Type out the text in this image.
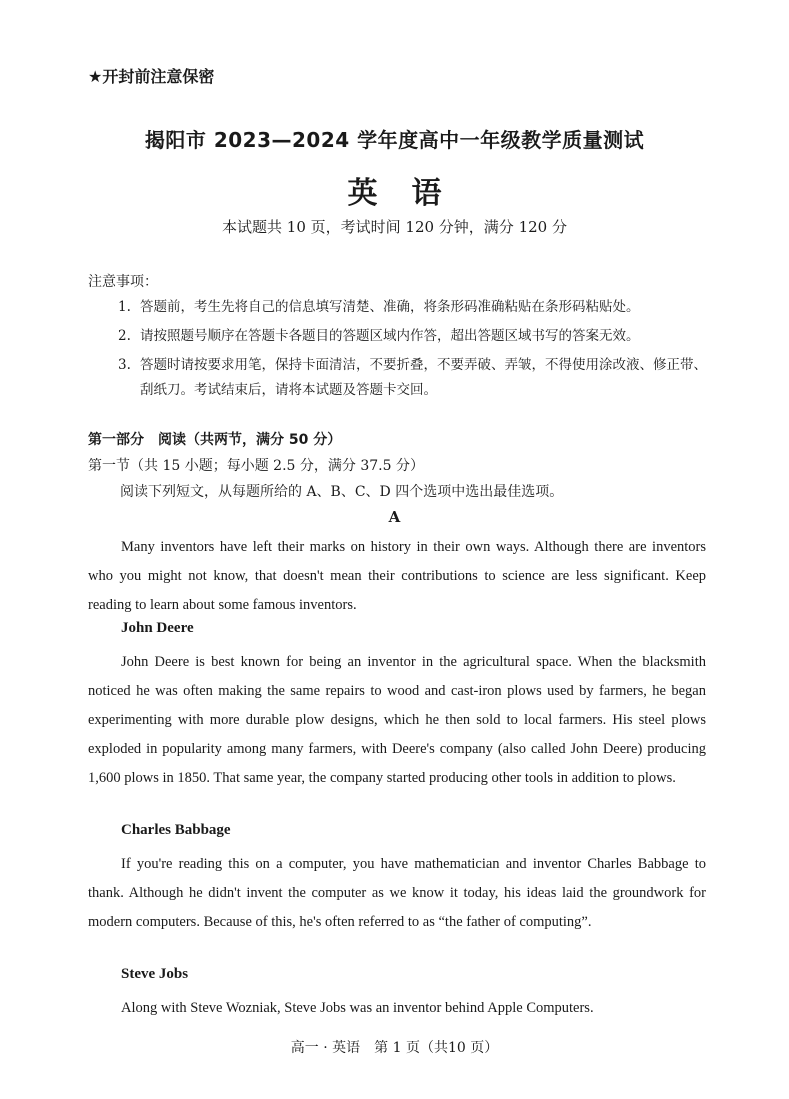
★开封前注意保密
揭阳市 2023—2024 学年度高中一年级教学质量测试
英语
本试题共 10 页，考试时间 120 分钟，满分 120 分
注意事项：
1. 答题前，考生先将自己的信息填写清楚、准确，将条形码准确粘贴在条形码粘贴处。
2. 请按照题号顺序在答题卡各题目的答题区域内作答，超出答题区域书写的答案无效。
3. 答题时请按要求用笔，保持卡面清洁，不要折叠，不要弄破、弄皱，不得使用涂改液、修正带、刮纸刀。考试结束后，请将本试题及答题卡交回。
第一部分　阅读（共两节，满分 50 分）
第一节（共 15 小题；每小题 2.5 分，满分 37.5 分）
阅读下列短文，从每题所给的 A、B、C、D 四个选项中选出最佳选项。
A

Many inventors have left their marks on history in their own ways. Although there are inventors who you might not know, that doesn't mean their contributions to science are less significant. Keep reading to learn about some famous inventors.

John Deere

John Deere is best known for being an inventor in the agricultural space. When the blacksmith noticed he was often making the same repairs to wood and cast-iron plows used by farmers, he began experimenting with more durable plow designs, which he then sold to local farmers. His steel plows exploded in popularity among many farmers, with Deere's company (also called John Deere) producing 1,600 plows in 1850. That same year, the company started producing other tools in addition to plows.

Charles Babbage

If you're reading this on a computer, you have mathematician and inventor Charles Babbage to thank. Although he didn't invent the computer as we know it today, his ideas laid the groundwork for modern computers. Because of this, he's often referred to as “the father of computing”.

Steve Jobs

Along with Steve Wozniak, Steve Jobs was an inventor behind Apple Computers.

高一 · 英语　第 1 页（共10 页）
